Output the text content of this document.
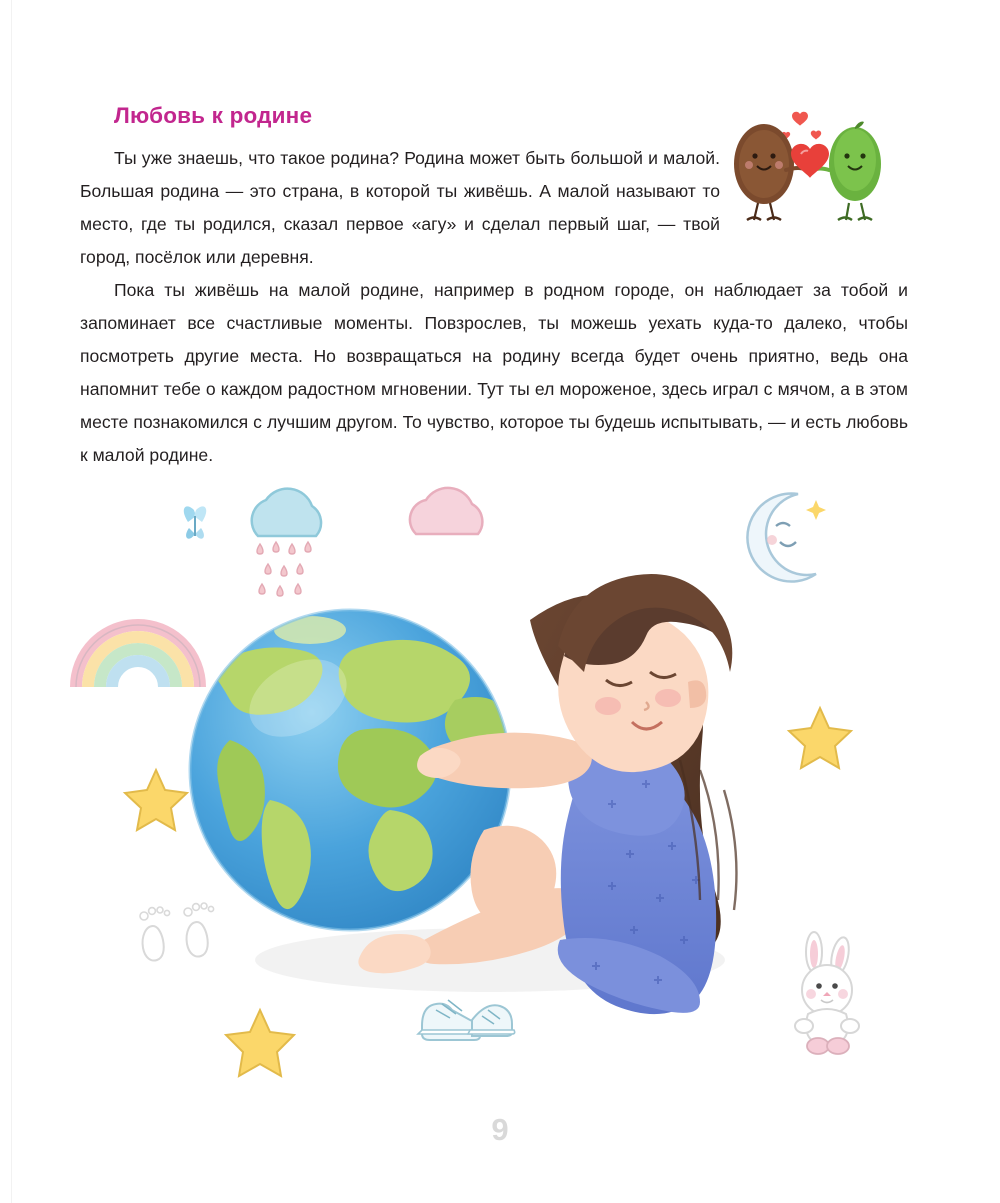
Любовь к родине

Ты уже знаешь, что такое родина? Родина может быть большой и малой. Большая родина — это страна, в которой ты живёшь. А малой называют то место, где ты родился, сказал первое «агу» и сделал первый шаг, — твой город, посёлок или деревня.

Пока ты живёшь на малой родине, например в родном городе, он наблюдает за тобой и запоминает все счастливые моменты. Повзрослев, ты можешь уехать куда-то далеко, чтобы посмотреть другие места. Но возвращаться на родину всегда будет очень приятно, ведь она напомнит тебе о каждом радостном мгновении. Тут ты ел мороженое, здесь играл с мячом, а в этом месте познакомился с лучшим другом. То чувство, которое ты будешь испытывать, — и есть любовь к малой родине.

9
